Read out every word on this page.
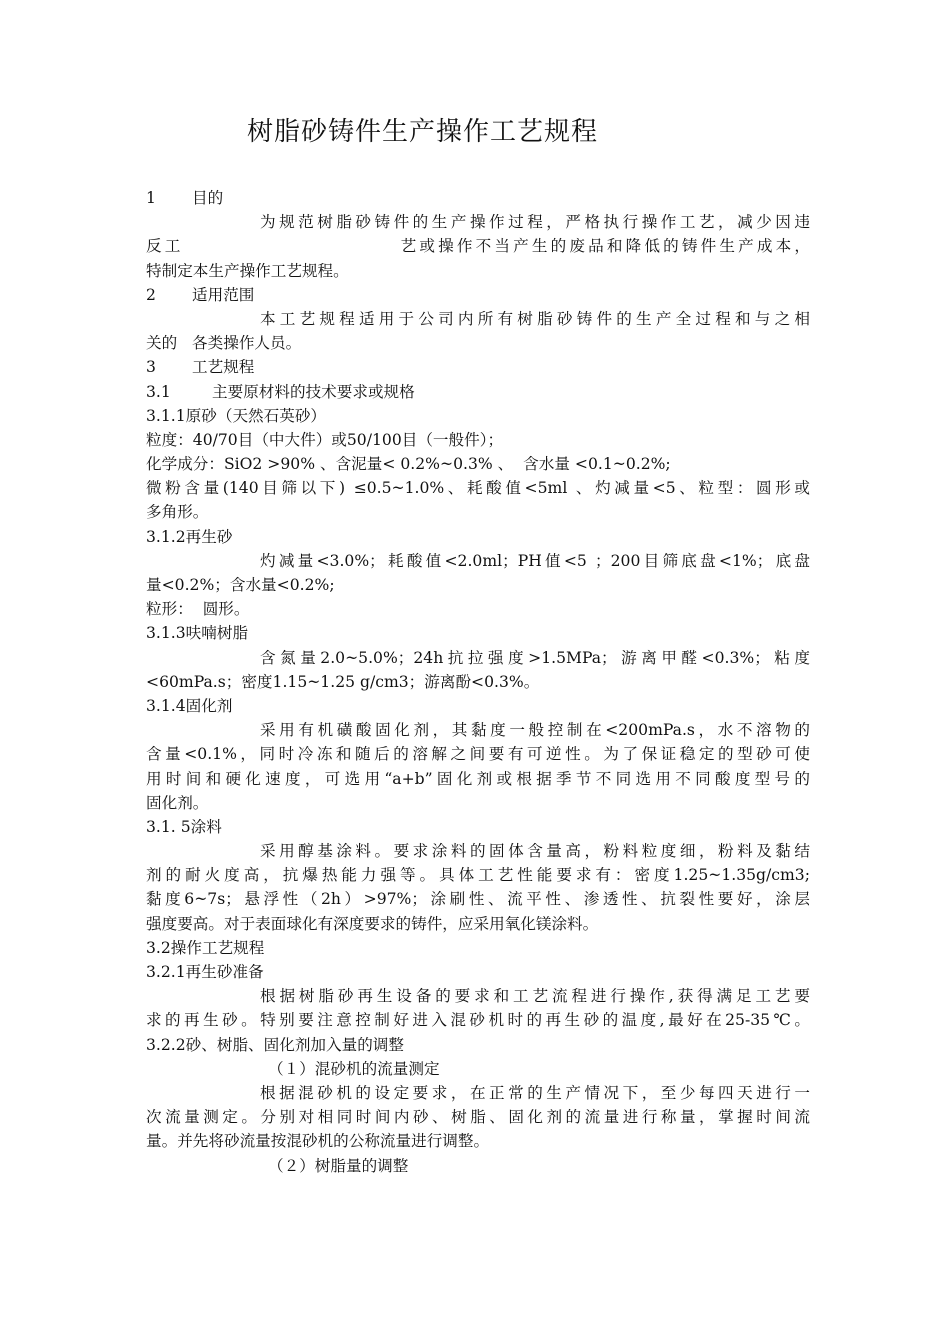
树脂砂铸件生产操作工艺规程
1 目的
为规范树脂砂铸件的生产操作过程，严格执行操作工艺，减少因违
反工	艺或操作不当产生的废品和降低的铸件生产成本，
特制定本生产操作工艺规程。
2 适用范围
本工艺规程适用于公司内所有树脂砂铸件的生产全过程和与之相
关的   各类操作人员。
3 工艺规程
3.1	主要原材料的技术要求或规格
3.1.1原砂（天然石英砂）
粒度：40/70目（中大件）或50/100目（一般件）；
化学成分：SiO2 >90% 、含泥量< 0.2%~0.3% 、  含水量 <0.1~0.2%;
微粉含量(140目筛以下) ≤0.5~1.0%、耗酸值<5ml 、灼减量<5、粒型：圆形或
多角形。
3.1.2再生砂
灼减量<3.0%；耗酸值<2.0ml；PH值<5 ；200目筛底盘<1%；底盘
量<0.2%；含水量<0.2%;
粒形：  圆形。
3.1.3呋喃树脂
含氮量2.0~5.0%；24h抗拉强度>1.5MPa；游离甲醛<0.3%；粘度
<60mPa.s；密度1.15~1.25 g/cm3；游离酚<0.3%。
3.1.4固化剂
采用有机磺酸固化剂，其黏度一般控制在<200mPa.s，水不溶物的
含量<0.1%，同时冷冻和随后的溶解之间要有可逆性。为了保证稳定的型砂可使
用时间和硬化速度，可选用“a+b”固化剂或根据季节不同选用不同酸度型号的
固化剂。
3.1. 5涂料
采用醇基涂料。要求涂料的固体含量高，粉料粒度细，粉料及黏结
剂的耐火度高，抗爆热能力强等。具体工艺性能要求有：密度1.25~1.35g/cm3;
黏度6~7s；悬浮性（2h）>97%；涂刷性、流平性、渗透性、抗裂性要好，涂层
强度要高。对于表面球化有深度要求的铸件，应采用氧化镁涂料。
3.2操作工艺规程
3.2.1再生砂准备
根据树脂砂再生设备的要求和工艺流程进行操作,获得满足工艺要
求的再生砂。特别要注意控制好进入混砂机时的再生砂的温度,最好在25-35℃。
3.2.2砂、树脂、固化剂加入量的调整
（１）混砂机的流量测定
根据混砂机的设定要求，在正常的生产情况下，至少每四天进行一
次流量测定。分别对相同时间内砂、树脂、固化剂的流量进行称量，掌握时间流
量。并先将砂流量按混砂机的公称流量进行调整。
（２）树脂量的调整
